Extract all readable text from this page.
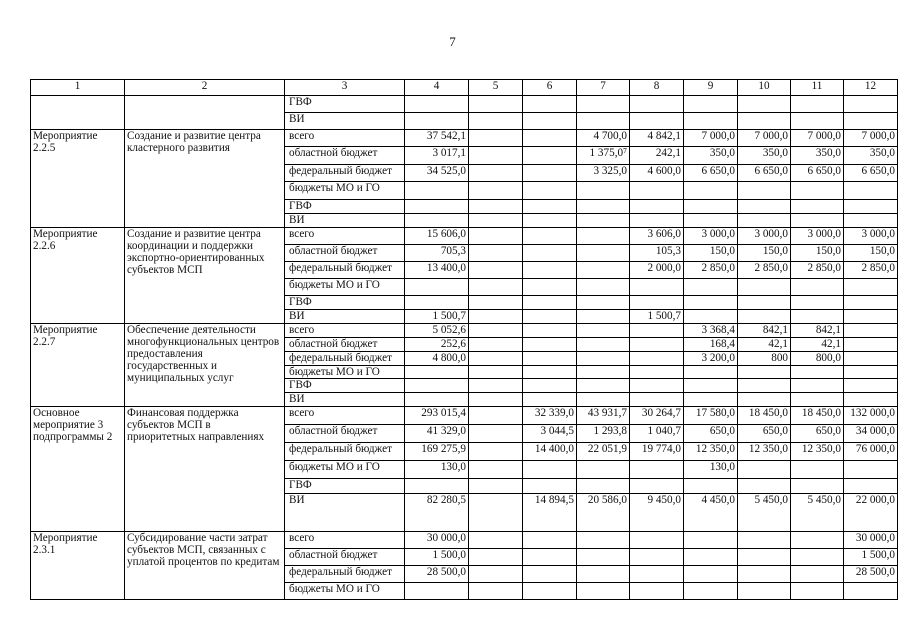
7
1	2	3	4	5	6	7	8	9	10	11	12
		ГВФ									
		ВИ									
Мероприятие 2.2.5	Создание и развитие центра кластерного развития	всего	37 542,1			4 700,0	4 842,1	7 000,0	7 000,0	7 000,0	7 000,0
		областной бюджет	3 017,1			1 375,0⁷	242,1	350,0	350,0	350,0	350,0
		федеральный бюджет	34 525,0			3 325,0	4 600,0	6 650,0	6 650,0	6 650,0	6 650,0
		бюджеты МО и ГО									
		ГВФ									
		ВИ									
Мероприятие 2.2.6	Создание и развитие центра координации и поддержки экспортно-ориентированных субъектов МСП	всего	15 606,0				3 606,0	3 000,0	3 000,0	3 000,0	3 000,0
		областной бюджет	705,3				105,3	150,0	150,0	150,0	150,0
		федеральный бюджет	13 400,0				2 000,0	2 850,0	2 850,0	2 850,0	2 850,0
		бюджеты МО и ГО									
		ГВФ									
		ВИ	1 500,7				1 500,7				
Мероприятие 2.2.7	Обеспечение деятельности многофункциональных центров предоставления государственных и муниципальных услуг	всего	5 052,6					3 368,4	842,1	842,1	
		областной бюджет	252,6					168,4	42,1	42,1	
		федеральный бюджет	4 800,0					3 200,0	800	800,0	
		бюджеты МО и ГО									
		ГВФ									
		ВИ									
Основное мероприятие 3 подпрограммы 2	Финансовая поддержка субъектов МСП в приоритетных направлениях	всего	293 015,4		32 339,0	43 931,7	30 264,7	17 580,0	18 450,0	18 450,0	132 000,0
		областной бюджет	41 329,0		3 044,5	1 293,8	1 040,7	650,0	650,0	650,0	34 000,0
		федеральный бюджет	169 275,9		14 400,0	22 051,9	19 774,0	12 350,0	12 350,0	12 350,0	76 000,0
		бюджеты МО и ГО	130,0					130,0			
		ГВФ									
		ВИ	82 280,5		14 894,5	20 586,0	9 450,0	4 450,0	5 450,0	5 450,0	22 000,0
Мероприятие 2.3.1	Субсидирование части затрат субъектов МСП, связанных с уплатой процентов по кредитам	всего	30 000,0								30 000,0
		областной бюджет	1 500,0								1 500,0
		федеральный бюджет	28 500,0								28 500,0
		бюджеты МО и ГО									
